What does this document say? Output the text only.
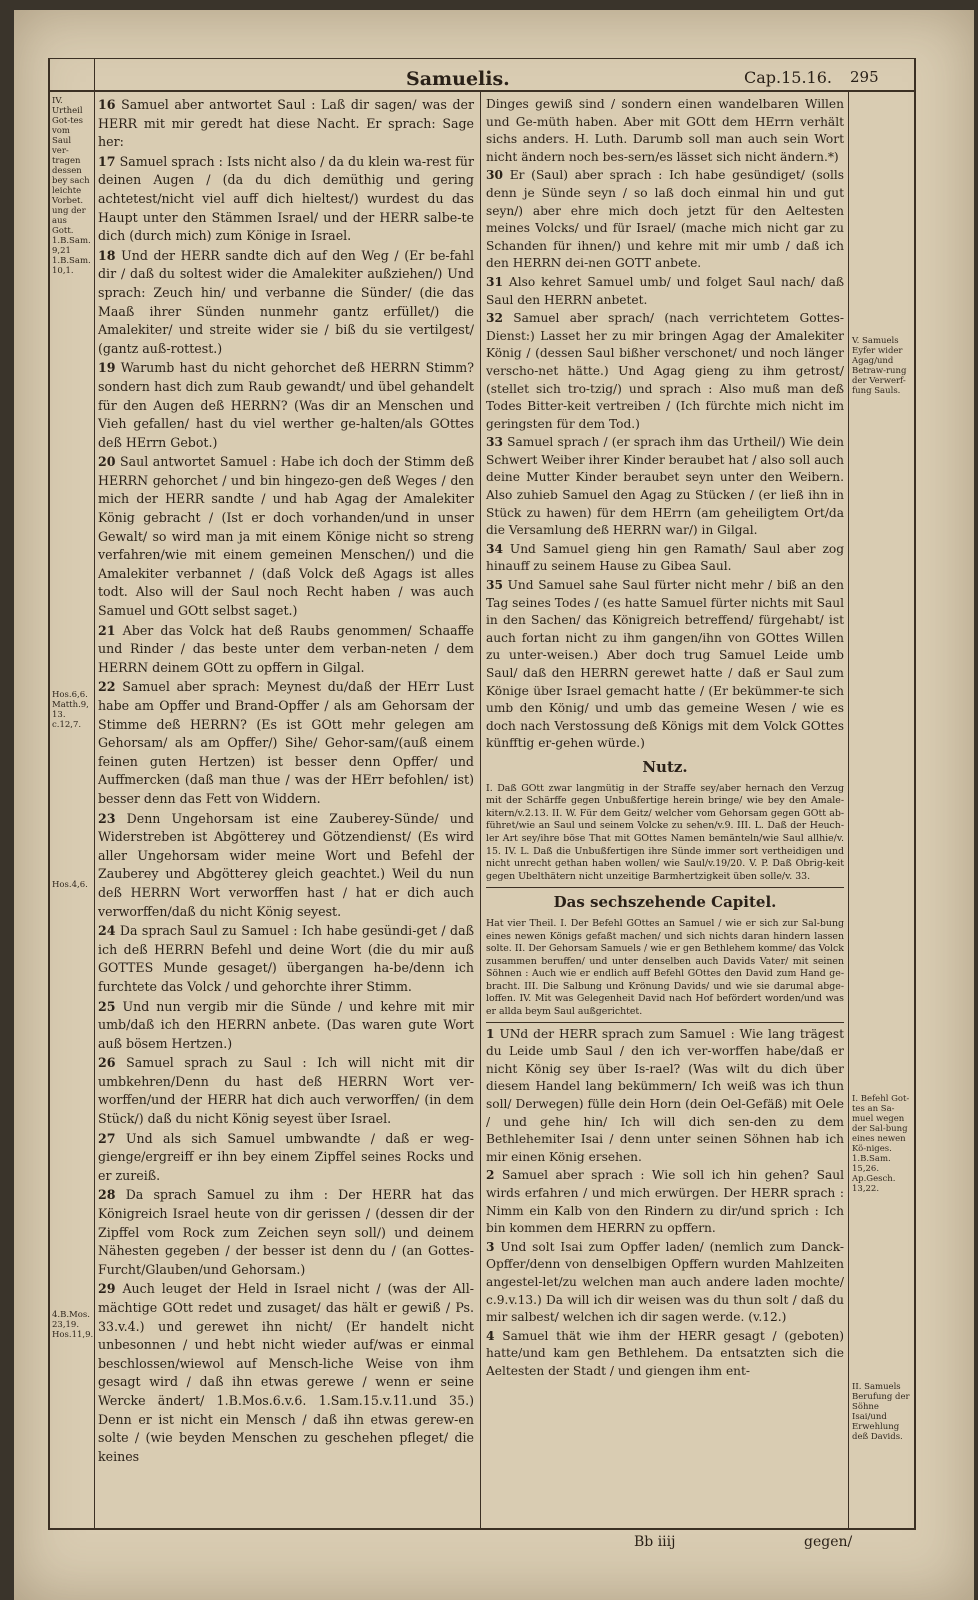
Samuelis.	Cap.15.16. 295
IV. Urtheil Got-tes vom Saul ver-tragen dessen bey sach leichte Vorbet. ung der aus Gott. 1.B.Sam. 9,21 1.B.Sam. 10,1.
Hos.6,6. Matth.9, 13. c.12,7.
Hos.4,6.
4.B.Mos. 23,19. Hos.11,9.
V. Samuels Eyfer wider Agag/und Betraw-rung der Verwerf-fung Sauls.
I. Befehl Got-tes an Sa-muel wegen der Sal-bung eines newen Kö-niges. 1.B.Sam. 15,26. Ap.Gesch. 13,22.
II. Samuels Berufung der Söhne Isai/und Erwehlung deß Davids.

16 Samuel aber antwortet Saul : Laß dir sagen/ was der HERR mit mir geredt hat diese Nacht. Er sprach: Sage her:

17 Samuel sprach : Ists nicht also / da du klein wa-rest für deinen Augen / (da du dich demüthig und gering achtetest/nicht viel auff dich hieltest/) wurdest du das Haupt unter den Stämmen Israel/ und der HERR salbe-te dich (durch mich) zum Könige in Israel.

18 Und der HERR sandte dich auf den Weg / (Er be-fahl dir / daß du soltest wider die Amalekiter außziehen/) Und sprach: Zeuch hin/ und verbanne die Sünder/ (die das Maaß ihrer Sünden nunmehr gantz erfüllet/) die Amalekiter/ und streite wider sie / biß du sie vertilgest/ (gantz auß-rottest.)

19 Warumb hast du nicht gehorchet deß HERRN Stimm? sondern hast dich zum Raub gewandt/ und übel gehandelt für den Augen deß HERRN? (Was dir an Menschen und Vieh gefallen/ hast du viel werther ge-halten/als GOttes deß HErrn Gebot.)

20 Saul antwortet Samuel : Habe ich doch der Stimm deß HERRN gehorchet / und bin hingezo-gen deß Weges / den mich der HERR sandte / und hab Agag der Amalekiter König gebracht / (Ist er doch vorhanden/und in unser Gewalt/ so wird man ja mit einem Könige nicht so streng verfahren/wie mit einem gemeinen Menschen/) und die Amalekiter verbannet / (daß Volck deß Agags ist alles todt. Also will der Saul noch Recht haben / was auch Samuel und GOtt selbst saget.)

21 Aber das Volck hat deß Raubs genommen/ Schaaffe und Rinder / das beste unter dem verban-neten / dem HERRN deinem GOtt zu opffern in Gilgal.

22 Samuel aber sprach: Meynest du/daß der HErr Lust habe am Opffer und Brand-Opffer / als am Gehorsam der Stimme deß HERRN? (Es ist GOtt mehr gelegen am Gehorsam/ als am Opffer/) Sihe/ Gehor-sam/(auß einem feinen guten Hertzen) ist besser denn Opffer/ und Auffmercken (daß man thue / was der HErr befohlen/ ist) besser denn das Fett von Widdern.

23 Denn Ungehorsam ist eine Zauberey-Sünde/ und Widerstreben ist Abgötterey und Götzendienst/ (Es wird aller Ungehorsam wider meine Wort und Befehl der Zauberey und Abgötterey gleich geachtet.) Weil du nun deß HERRN Wort verworffen hast / hat er dich auch verworffen/daß du nicht König seyest.

24 Da sprach Saul zu Samuel : Ich habe gesündi-get / daß ich deß HERRN Befehl und deine Wort (die du mir auß GOTTES Munde gesaget/) übergangen ha-be/denn ich furchtete das Volck / und gehorchte ihrer Stimm.

25 Und nun vergib mir die Sünde / und kehre mit mir umb/daß ich den HERRN anbete. (Das waren gute Wort auß bösem Hertzen.)

26 Samuel sprach zu Saul : Ich will nicht mit dir umbkehren/Denn du hast deß HERRN Wort ver-worffen/und der HERR hat dich auch verworffen/ (in dem Stück/) daß du nicht König seyest über Israel.

27 Und als sich Samuel umbwandte / daß er weg-gienge/ergreiff er ihn bey einem Zipffel seines Rocks und er zureiß.

28 Da sprach Samuel zu ihm : Der HERR hat das Königreich Israel heute von dir gerissen / (dessen dir der Zipffel vom Rock zum Zeichen seyn soll/) und deinem Nähesten gegeben / der besser ist denn du / (an Gottes-Furcht/Glauben/und Gehorsam.)

29 Auch leuget der Held in Israel nicht / (was der All-mächtige GOtt redet und zusaget/ das hält er gewiß / Ps. 33.v.4.) und gerewet ihn nicht/ (Er handelt nicht unbesonnen / und hebt nicht wieder auf/was er einmal beschlossen/wiewol auf Mensch-liche Weise von ihm gesagt wird / daß ihn etwas gerewe / wenn er seine Wercke ändert/ 1.B.Mos.6.v.6. 1.Sam.15.v.11.und 35.) Denn er ist nicht ein Mensch / daß ihn etwas gerew-en solte / (wie beyden Menschen zu geschehen pfleget/ die keines

Dinges gewiß sind / sondern einen wandelbaren Willen und Ge-müth haben. Aber mit GOtt dem HErrn verhält sichs anders. H. Luth. Darumb soll man auch sein Wort nicht ändern noch bes-sern/es lässet sich nicht ändern.*)

30 Er (Saul) aber sprach : Ich habe gesündiget/ (solls denn je Sünde seyn / so laß doch einmal hin und gut seyn/) aber ehre mich doch jetzt für den Aeltesten meines Volcks/ und für Israel/ (mache mich nicht gar zu Schanden für ihnen/) und kehre mit mir umb / daß ich den HERRN dei-nen GOTT anbete.

31 Also kehret Samuel umb/ und folget Saul nach/ daß Saul den HERRN anbetet.

32 Samuel aber sprach/ (nach verrichtetem Gottes-Dienst:) Lasset her zu mir bringen Agag der Amalekiter König / (dessen Saul bißher verschonet/ und noch länger verscho-net hätte.) Und Agag gieng zu ihm getrost/ (stellet sich tro-tzig/) und sprach : Also muß man deß Todes Bitter-keit vertreiben / (Ich fürchte mich nicht im geringsten für dem Tod.)

33 Samuel sprach / (er sprach ihm das Urtheil/) Wie dein Schwert Weiber ihrer Kinder beraubet hat / also soll auch deine Mutter Kinder beraubet seyn unter den Weibern. Also zuhieb Samuel den Agag zu Stücken / (er ließ ihn in Stück zu hawen) für dem HErrn (am geheiligtem Ort/da die Versamlung deß HERRN war/) in Gilgal.

34 Und Samuel gieng hin gen Ramath/ Saul aber zog hinauff zu seinem Hause zu Gibea Saul.

35 Und Samuel sahe Saul fürter nicht mehr / biß an den Tag seines Todes / (es hatte Samuel fürter nichts mit Saul in den Sachen/ das Königreich betreffend/ fürgehabt/ ist auch fortan nicht zu ihm gangen/ihn von GOttes Willen zu unter-weisen.) Aber doch trug Samuel Leide umb Saul/ daß den HERRN gerewet hatte / daß er Saul zum Könige über Israel gemacht hatte / (Er bekümmer-te sich umb den König/ und umb das gemeine Wesen / wie es doch nach Verstossung deß Königs mit dem Volck GOttes künfftig er-gehen würde.)

Nutz.

I. Daß GOtt zwar langmütig in der Straffe sey/aber hernach den Verzug mit der Schärffe gegen Unbußfertige herein bringe/ wie bey den Amale-kitern/v.2.13. II. W. Für dem Geitz/ welcher vom Gehorsam gegen GOtt ab-führet/wie an Saul und seinem Volcke zu sehen/v.9. III. L. Daß der Heuch-ler Art sey/ihre böse That mit GOttes Namen bemänteln/wie Saul allhie/v. 15. IV. L. Daß die Unbußfertigen ihre Sünde immer sort vertheidigen und nicht unrecht gethan haben wollen/ wie Saul/v.19/20. V. P. Daß Obrig-keit gegen Ubelthätern nicht unzeitige Barmhertzigkeit üben solle/v. 33.

Das sechszehende Capitel.

Hat vier Theil. I. Der Befehl GOttes an Samuel / wie er sich zur Sal-bung eines newen Königs gefaßt machen/ und sich nichts daran hindern lassen solte. II. Der Gehorsam Samuels / wie er gen Bethlehem komme/ das Volck zusammen beruffen/ und unter denselben auch Davids Vater/ mit seinen Söhnen : Auch wie er endlich auff Befehl GOttes den David zum Hand ge-bracht. III. Die Salbung und Krönung Davids/ und wie sie darumal abge-loffen. IV. Mit was Gelegenheit David nach Hof befördert worden/und was er allda beym Saul außgerichtet.

1 UNd der HERR sprach zum Samuel : Wie lang trägest du Leide umb Saul / den ich ver-worffen habe/daß er nicht König sey über Is-rael? (Was wilt du dich über diesem Handel lang bekümmern/ Ich weiß was ich thun soll/ Derwegen) fülle dein Horn (dein Oel-Gefäß) mit Oele / und gehe hin/ Ich will dich sen-den zu dem Bethlehemiter Isai / denn unter seinen Söhnen hab ich mir einen König ersehen.

2 Samuel aber sprach : Wie soll ich hin gehen? Saul wirds erfahren / und mich erwürgen. Der HERR sprach : Nimm ein Kalb von den Rindern zu dir/und sprich : Ich bin kommen dem HERRN zu opffern.

3 Und solt Isai zum Opffer laden/ (nemlich zum Danck-Opffer/denn von denselbigen Opffern wurden Mahlzeiten angestel-let/zu welchen man auch andere laden mochte/ c.9.v.13.) Da will ich dir weisen was du thun solt / daß du mir salbest/ welchen ich dir sagen werde. (v.12.)

4 Samuel thät wie ihm der HERR gesagt / (geboten) hatte/und kam gen Bethlehem. Da entsatzten sich die Aeltesten der Stadt / und giengen ihm ent-

Bb iiij	gegen/
